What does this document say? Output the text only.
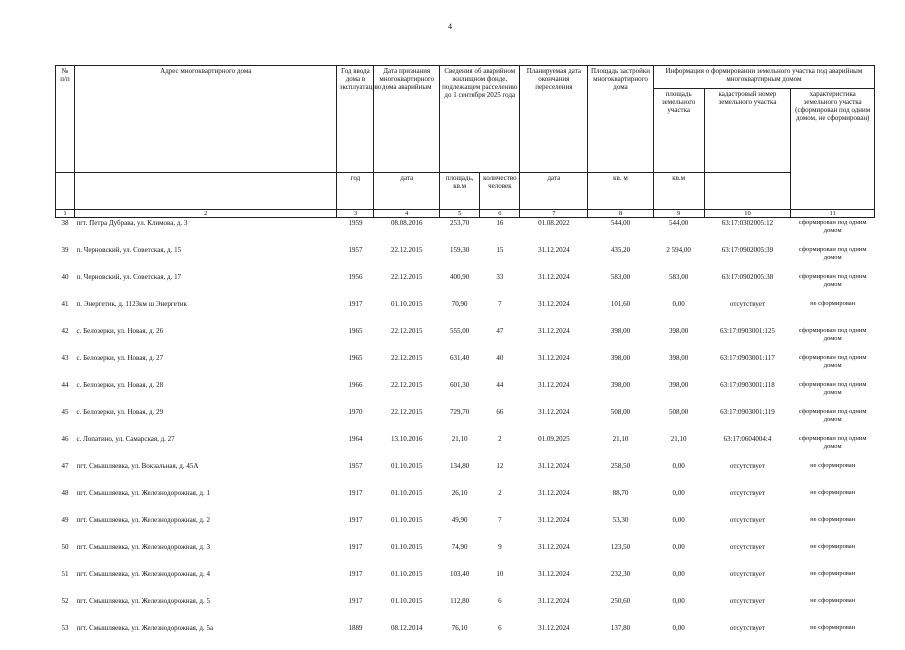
4
№ п/п	Адрес многоквартирного дома	Год ввода дома в эксплуатацию	Дата признания многоквартирного дома аварийным	Сведения об аварийном жилищном фонде, подлежащем расселению до 1 сентября 2025 года		Планируемая дата окончания переселения	Площадь застройки многоквартирного дома	Информация о формировании земельного участка под аварийным многоквартирным домом		
								площадь земельного участка	кадастровый номер земельного участка	характеристика земельного участка (сформирован под одним домом, не сформирован)
		год	дата	площадь, кв.м	количество человек	дата	кв. м	кв.м		
1	2	3	4	5	6	7	8	9	10	11
38	пгт. Петра Дубрава, ул. Климова, д. 3	1959	08.08.2016	253,70	16	01.08.2022	544,00	544,00	63:17:0302005:12	сформирован под одним домом
39	п. Черновский, ул. Советская, д. 15	1957	22.12.2015	159,30	15	31.12.2024	435,20	2 594,00	63:17:0902005:39	сформирован под одним домом
40	п. Черновский, ул. Советская, д. 17	1956	22.12.2015	400,90	33	31.12.2024	583,00	583,00	63:17:0902005:38	сформирован под одним домом
41	п. Энергетик, д. 1123км ш Энергетик	1917	01.10.2015	70,90	7	31.12.2024	101,60	0,00	отсутствует	не сформирован
42	с. Белозерки, ул. Новая, д. 26	1965	22.12.2015	555,00	47	31.12.2024	398,00	398,00	63:17:0903001:125	сформирован под одним домом
43	с. Белозерки, ул. Новая, д. 27	1965	22.12.2015	631,40	40	31.12.2024	398,00	398,00	63:17:0903001:117	сформирован под одним домом
44	с. Белозерки, ул. Новая, д. 28	1966	22.12.2015	601,30	44	31.12.2024	398,00	398,00	63:17:0903001:118	сформирован под одним домом
45	с. Белозерки, ул. Новая, д. 29	1970	22.12.2015	729,70	66	31.12.2024	508,00	508,00	63:17:0903001:119	сформирован под одним домом
46	с. Лопатино, ул. Самарская, д. 27	1964	13.10.2016	21,10	2	01.09.2025	21,10	21,10	63:17:0604004:4	сформирован под одним домом
47	пгт. Смышляевка, ул. Вокзальная, д. 45А	1957	01.10.2015	134,80	12	31.12.2024	258,50	0,00	отсутствует	не сформирован
48	пгт. Смышляевка, ул. Железнодорожная, д. 1	1917	01.10.2015	26,10	2	31.12.2024	88,70	0,00	отсутствует	не сформирован
49	пгт. Смышляевка, ул. Железнодорожная, д. 2	1917	01.10.2015	49,90	7	31.12.2024	53,30	0,00	отсутствует	не сформирован
50	пгт. Смышляевка, ул. Железнодорожная, д. 3	1917	01.10.2015	74,90	9	31.12.2024	123,50	0,00	отсутствует	не сформирован
51	пгт. Смышляевка, ул. Железнодорожная, д. 4	1917	01.10.2015	103,40	10	31.12.2024	232,30	0,00	отсутствует	не сформирован
52	пгт. Смышляевка, ул. Железнодорожная, д. 5	1917	01.10.2015	112,80	6	31.12.2024	250,60	0,00	отсутствует	не сформирован
53	пгт. Смышляевка, ул. Железнодорожная, д. 5а	1889	08.12.2014	76,10	6	31.12.2024	137,80	0,00	отсутствует	не сформирован
